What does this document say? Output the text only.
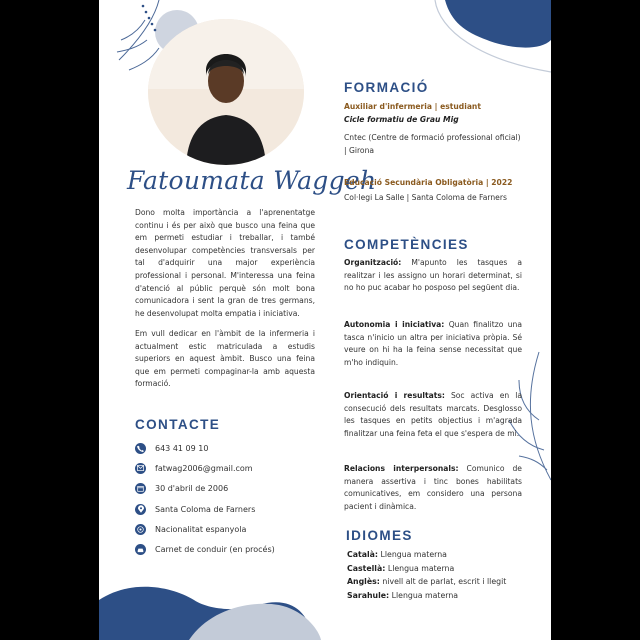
Fatoumata Waggeh

Dono molta importància a l'aprenentatge continu i és per això que busco una feina que em permeti estudiar i treballar, i també desenvolupar competències transversals per tal d'adquirir una major experiència professional i personal. M'interessa una feina d'atenció al públic perquè són molt bona comunicadora i sent la gran de tres germans, he desenvolupat molta empatia i iniciativa.

Em vull dedicar en l'àmbit de la infermeria i actualment estic matriculada a estudis superiors en aquest àmbit. Busco una feina que em permeti compaginar-la amb aquesta formació.

CONTACTE
643 41 09 10
fatwag2006@gmail.com
30 d'abril de 2006
Santa Coloma de Farners
Nacionalitat espanyola
Carnet de conduir (en procés)
FORMACIÓ
Auxiliar d'infermeria | estudiant
Cicle formatiu de Grau Mig
Cntec (Centre de formació professional oficial) | Girona
Educació Secundària Obligatòria | 2022
Col·legi La Salle | Santa Coloma de Farners
COMPETÈNCIES
Organització: M'apunto les tasques a realitzar i les assigno un horari determinat, si no ho puc acabar ho posposo pel següent dia.
Autonomia i iniciativa: Quan finalitzo una tasca n'inicio un altra per iniciativa pròpia. Sé veure on hi ha la feina sense necessitat que m'ho indiquin.
Orientació i resultats: Soc activa en la consecució dels resultats marcats. Desglosso les tasques en petits objectius i m'agrada finalitzar una feina feta el que s'espera de mi.
Relacions interpersonals: Comunico de manera assertiva i tinc bones habilitats comunicatives, em considero una persona pacient i dinàmica.
IDIOMES
Català: Llengua materna
Castellà: Llengua materna
Anglès: nivell alt de parlat, escrit i llegit
Sarahule: Llengua materna
